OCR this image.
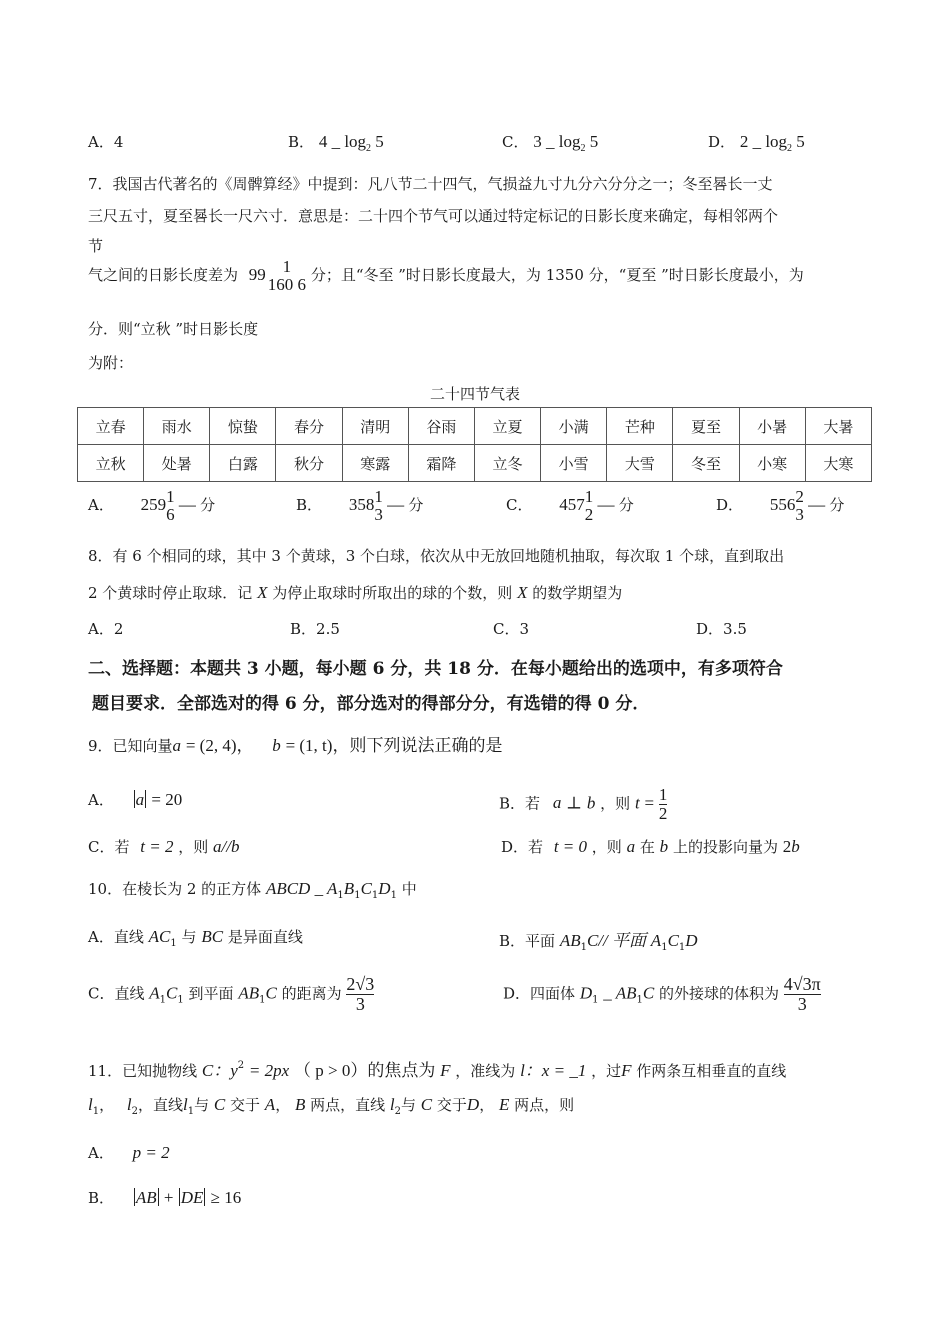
A．4	B． 4 _ $\log_2 5$	C． 3 _ $\log_2 5$	D． 2 _ $\log_2 5$
7．我国古代著名的《周髀算经》中提到：凡八节二十四气，气损益九寸九分六分分之一；冬至晷长一丈
三尺五寸，夏至晷长一尺六寸．意思是：二十四个节气可以通过特定标记的日影长度来确定，每相邻两个
节
气之间的日影长度差为 99 1
160 6
分；且“冬至 ”时日影长度最大，为 1350 分，“夏至 ”时日影长度最小，为
分．则“立秋 ”时日影长度
为附：
二十四节气表
立春	雨水	惊蛰	春分	清明	谷雨	立夏	小满	芒种	夏至	小暑	大暑
立秋	处暑	白露	秋分	寒露	霜降	立冬	小雪	大雪	冬至	小寒	大寒
A． 259 1
6
— 分	B． 358 1
3
— 分	C． 457 1
2
— 分	D． 556 2
3
— 分
8．有 6 个相同的球，其中 3 个黄球，3 个白球，依次从中无放回地随机抽取，每次取 1 个球，直到取出
2 个黄球时停止取球．记 X 为停止取球时所取出的球的个数，则 X 的数学期望为
A．2	B．2.5	C．3	D．3.5
二、选择题：本题共 3 小题，每小题 6 分，共 18 分．在每小题给出的选项中，有多项符合
题目要求．全部选对的得 6 分，部分选对的得部分分，有选错的得 0 分．
9．已知向量a = (2, 4)， b = (1, t)，则下列说法正确的是
A． a = 20	B．若 a ⊥ b ，则 $t = \frac{1}{2}$
C．若 t = 2 ，则 a//b	D．若 t = 0 ，则 a 在 b 上的投影向量为 2b
10．在棱长为 2 的正方体 ABCD _ $A_1B_1C_1D_1$ 中
A．直线 $AC_1$ 与 BC 是异面直线	B．平面 $AB_1C//$ 平面 $A_1C_1D$
C．直线 $A_1C_1$ 到平面 $AB_1C$ 的距离为 $\frac{2√3}{3}$	D．四面体 $D_1$ _ $AB_1C$ 的外接球的体积为 $\frac{4√3\pi}{3}$
11．已知抛物线 C：$y^2 = 2px$ （ p > 0）的焦点为 F ，准线为 l：x = _1 ，过F 作两条互相垂直的直线
$l_1$， $l_2$，直线$l_1$与 C 交于 A， B 两点，直线 $l_2$与 C 交于D， E 两点，则
A． p = 2
B． AB + DE ≥ 16
